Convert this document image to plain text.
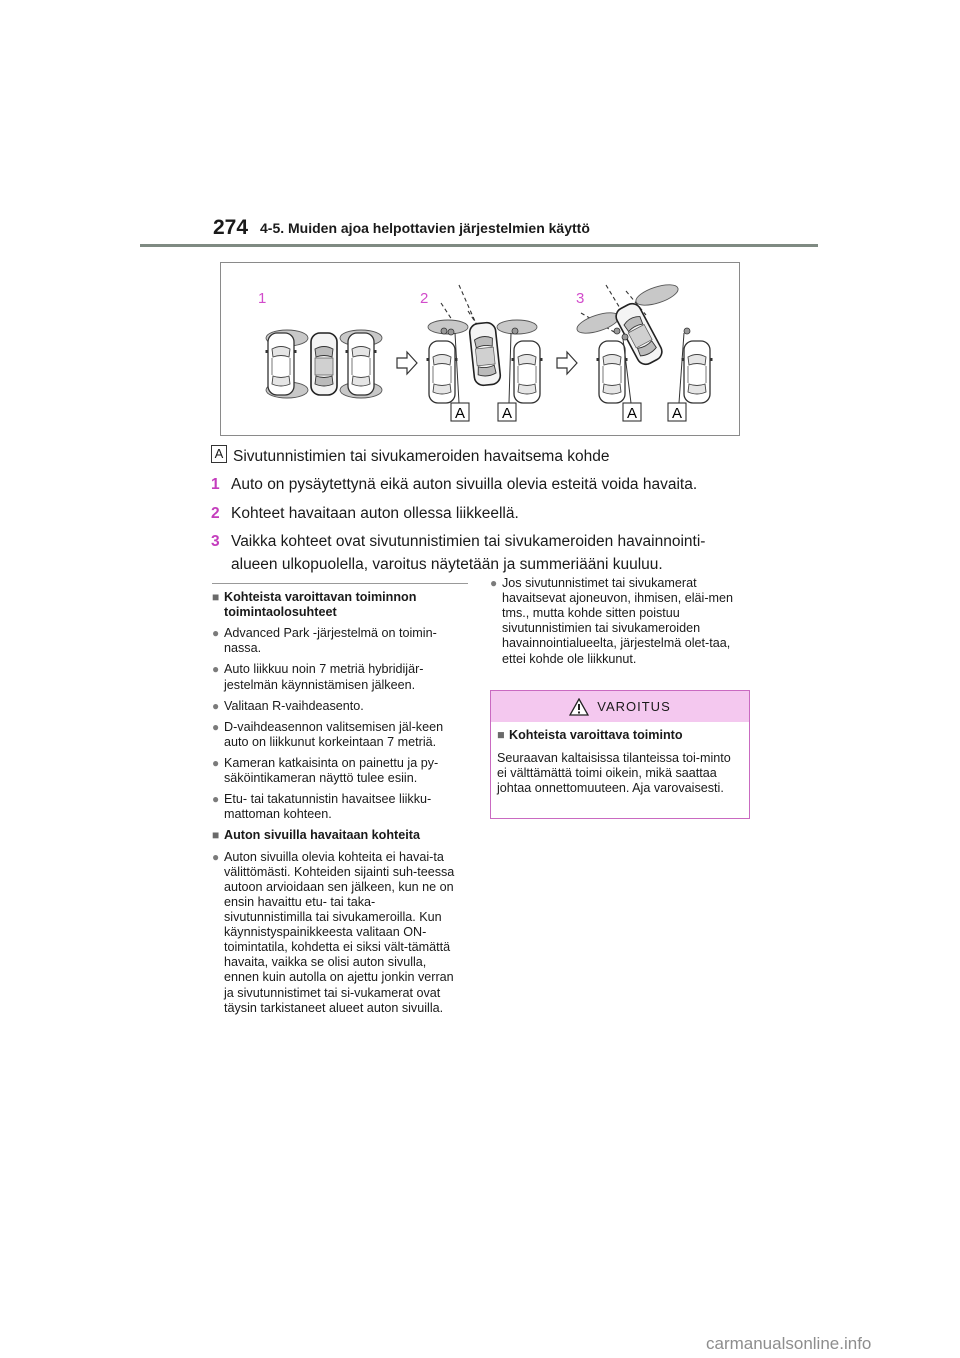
274 4-5. Muiden ajoa helpottavien järjestelmien käyttö
1	2	3
A A	A A
A Sivutunnistimien tai sivukameroiden havaitsema kohde
1 Auto on pysäytettynä eikä auton sivuilla olevia esteitä voida havaita.
2 Kohteet havaitaan auton ollessa liikkeellä.
3 Vaikka kohteet ovat sivutunnistimien tai sivukameroiden havainnointi-alueen ulkopuolella, varoitus näytetään ja summeriääni kuuluu.
■ Kohteista varoittavan toiminnon toimintaolosuhteet
● Advanced Park -järjestelmä on toimin-nassa.
● Auto liikkuu noin 7 metriä hybridijär-jestelmän käynnistämisen jälkeen.
● Valitaan R-vaihdeasento.
● D-vaihdeasennon valitsemisen jäl-keen auto on liikkunut korkeintaan 7 metriä.
● Kameran katkaisinta on painettu ja py-säköintikameran näyttö tulee esiin.
● Etu- tai takatunnistin havaitsee liikku-mattoman kohteen.
■ Auton sivuilla havaitaan kohteita
● Auton sivuilla olevia kohteita ei havai-ta välittömästi. Kohteiden sijainti suh-teessa autoon arvioidaan sen jälkeen, kun ne on ensin havaittu etu- tai taka-sivutunnistimilla tai sivukameroilla. Kun käynnistyspainikkeesta valitaan ON-toimintatila, kohdetta ei siksi vält-tämättä havaita, vaikka se olisi auton sivulla, ennen kuin autolla on ajettu jonkin verran ja sivutunnistimet tai si-vukamerat ovat täysin tarkistaneet alueet auton sivuilla.
● Jos sivutunnistimet tai sivukamerat havaitsevat ajoneuvon, ihmisen, eläi-men tms., mutta kohde sitten poistuu sivutunnistimien tai sivukameroiden havainnointialueelta, järjestelmä olet-taa, ettei kohde ole liikkunut.
VAROITUS
■ Kohteista varoittava toiminto
Seuraavan kaltaisissa tilanteissa toi-minto ei välttämättä toimi oikein, mikä saattaa johtaa onnettomuuteen. Aja varovaisesti.
carmanualsonline.info
